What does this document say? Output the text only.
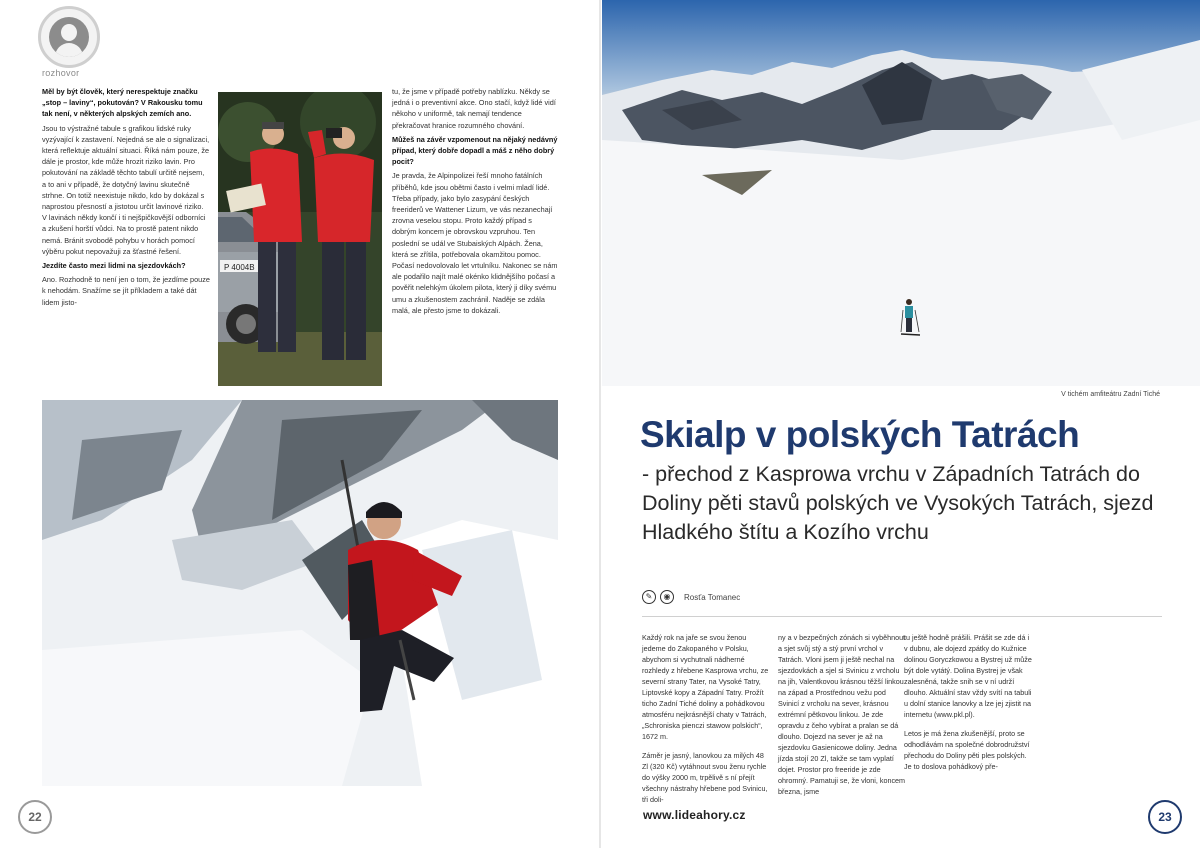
rozhovor

Měl by být člověk, který nerespektuje značku „stop – laviny“, pokutován? V Rakousku tomu tak není, v některých alpských zemích ano.

Jsou to výstražné tabule s grafikou lidské ruky vyzývající k zastavení. Nejedná se ale o signalizaci, která reflektuje aktuální situaci. Říká nám pouze, že dále je prostor, kde může hrozit riziko lavin. Pro pokutování na základě těchto tabulí určitě nejsem, a to ani v případě, že dotyčný lavinu skutečně strhne. On totiž neexistuje nikdo, kdo by dokázal s naprostou přesností a jistotou určit lavinové riziko. V lavinách někdy končí i ti nejšpičkovější odborníci a zkušení horští vůdci. Na to prostě patent nikdo nemá. Bránit svobodě pohybu v horách pomocí výběru pokut nepovažuji za šťastné řešení.

Jezdíte často mezi lidmi na sjezdovkách?

Ano. Rozhodně to není jen o tom, že jezdíme pouze k nehodám. Snažíme se jít příkladem a také dát lidem jisto-

P 4004B

tu, že jsme v případě potřeby nablízku. Někdy se jedná i o preventivní akce. Ono stačí, když lidé vidí někoho v uniformě, tak nemají tendence překračovat hranice rozumného chování.

Můžeš na závěr vzpomenout na nějaký nedávný případ, který dobře dopadl a máš z něho dobrý pocit?

Je pravda, že Alpinpolizei řeší mnoho fatálních příběhů, kde jsou obětmi často i velmi mladí lidé. Třeba případy, jako bylo zasypání českých freeriderů ve Wattener Lizum, ve vás nezanechají zrovna veselou stopu. Proto každý případ s dobrým koncem je obrovskou vzpruhou. Ten poslední se udál ve Stubaiských Alpách. Žena, která se zřítila, potřebovala okamžitou pomoc. Počasí nedovolovalo let vrtulníku. Nakonec se nám ale podařilo najít malé okénko klidnějšího počasí a pověřit nelehkým úkolem pilota, který ji díky svému umu a zkušenostem zachránil. Naděje se zdála malá, ale přesto jsme to dokázali.

22
V tichém amfiteátru Zadní Tiché
Skialp v polských Tatrách
- přechod z Kasprowa vrchu v Západních Tatrách do Doliny pěti stavů polských ve Vysokých Tatrách, sjezd Hladkého štítu a Kozího vrchu
✎	◉	Rosťa Tomanec

Každý rok na jaře se svou ženou jedeme do Zakopaného v Polsku, abychom si vychutnali nádherné rozhledy z hřebene Kasprowa vrchu, ze severní strany Tater, na Vysoké Tatry, Liptovské kopy a Západní Tatry. Prožít ticho Zadní Tiché doliny a pohádkovou atmosféru nejkrásnější chaty v Tatrách, „Schroniska pienczi stawow polskich“, 1672 m.

Záměr je jasný, lanovkou za milých 48 Zl (320 Kč) vytáhnout svou ženu rychle do výšky 2000 m, trpělivě s ní přejít všechny nástrahy hřebene pod Svinicu, tři doli-

ny a v bezpečných zónách si vyběhnout a sjet svůj stý a stý první vrchol v Tatrách. Vloni jsem ji ještě nechal na sjezdovkách a sjel si Svinicu z vrcholu na jih, Valentkovou krásnou těžší linkou na západ a Prostřednou vežu pod Svinicí z vrcholu na sever, krásnou extrémní pětkovou linkou. Je zde opravdu z čeho vybírat a pralan se dá dlouho. Dojezd na sever je až na sjezdovku Gasienicowe doliny. Jedna jízda stojí 20 Zl, takže se tam vyplatí dojet. Prostor pro freeride je zde ohromný. Pamatuji se, že vloni, koncem března, jsme

tu ještě hodně prášili. Prášit se zde dá i v dubnu, ale dojezd zpátky do Kužnice dolinou Goryczkowou a Bystrej už může být dole vytátý. Dolina Bystrej je však zalesněná, takže snih se v ní udrží dlouho. Aktuální stav vždy svítí na tabuli u dolní stanice lanovky a lze jej zjistit na internetu (www.pkl.pl).

Letos je má žena zkušenější, proto se odhodlávám na společné dobrodružství přechodu do Doliny pěti ples polských. Je to doslova pohádkový pře-

www.lideahory.cz	23
